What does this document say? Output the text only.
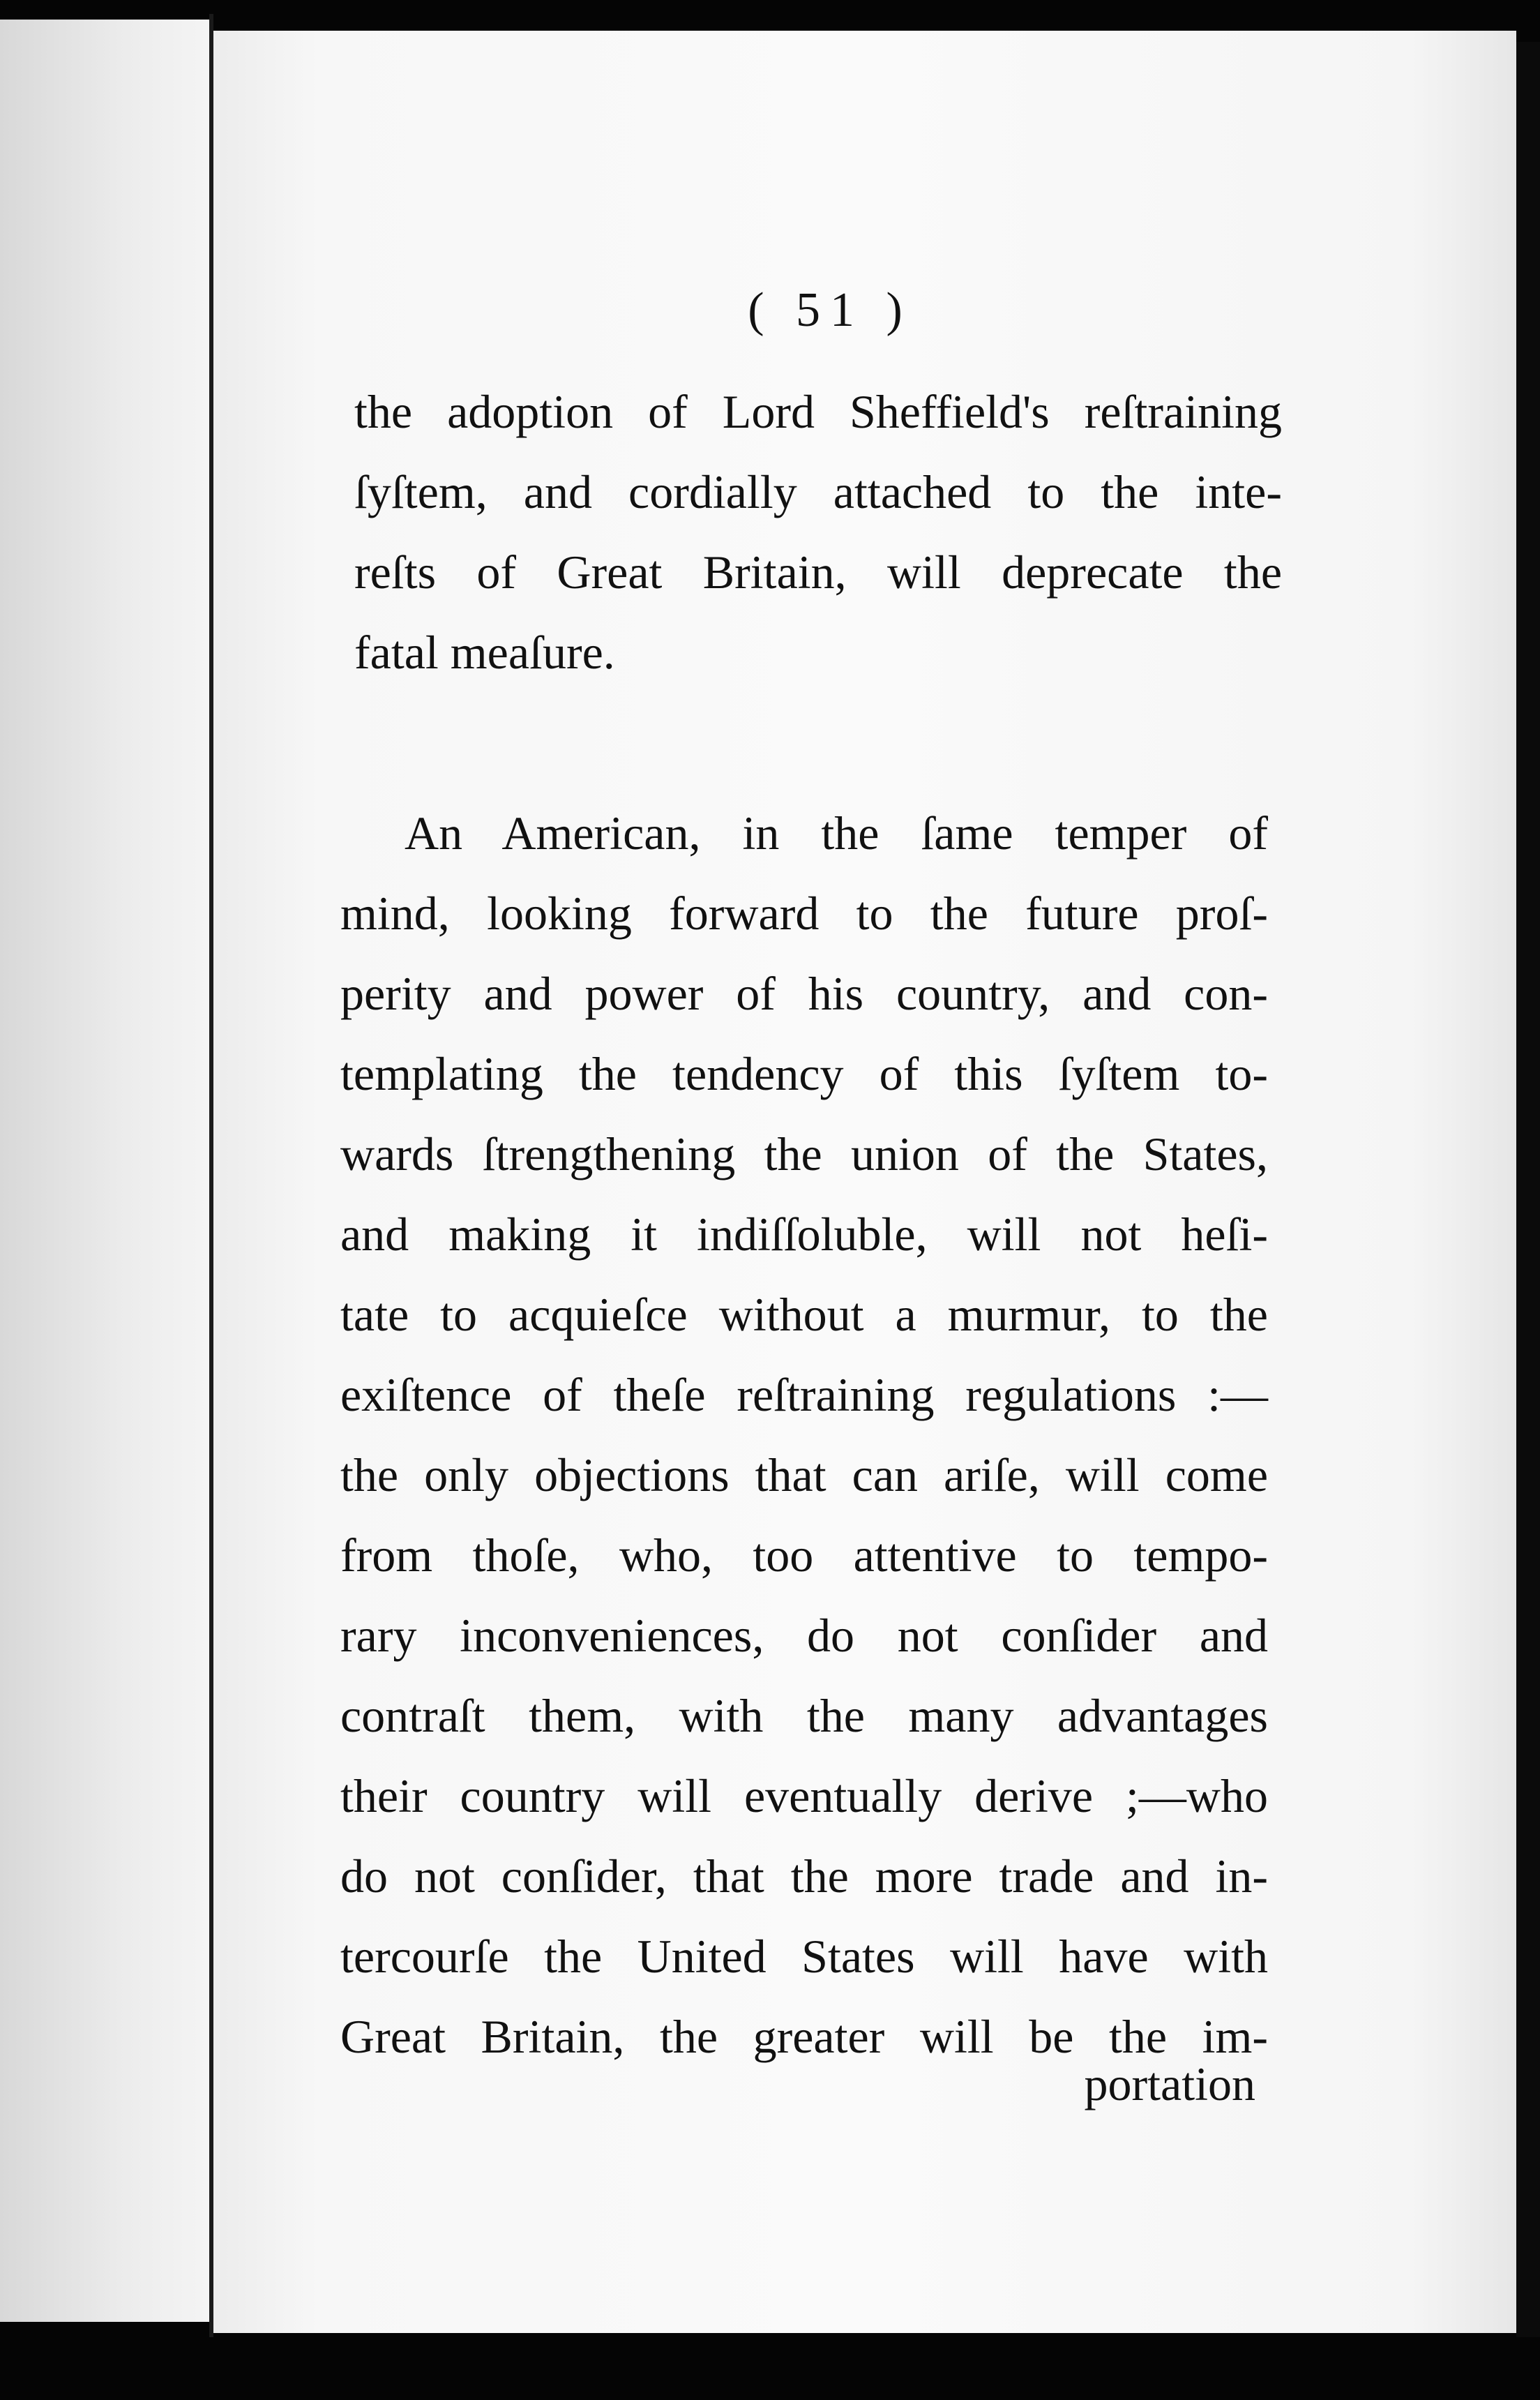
( 51 )
the adoption of Lord Sheffield's reſtraining
ſyſtem, and cordially attached to the inte-
reſts of Great Britain, will deprecate the
fatal meaſure.
An American, in the ſame temper of
mind, looking forward to the future proſ-
perity and power of his country, and con-
templating the tendency of this ſyſtem to-
wards ſtrengthening the union of the States,
and making it indiſſoluble, will not heſi-
tate to acquieſce without a murmur, to the
exiſtence of theſe reſtraining regulations :—
the only objections that can ariſe, will come
from thoſe, who, too attentive to tempo-
rary inconveniences, do not conſider and
contraſt them, with the many advantages
their country will eventually derive ;—who
do not conſider, that the more trade and in-
tercourſe the United States will have with
Great Britain, the greater will be the im-
portation
